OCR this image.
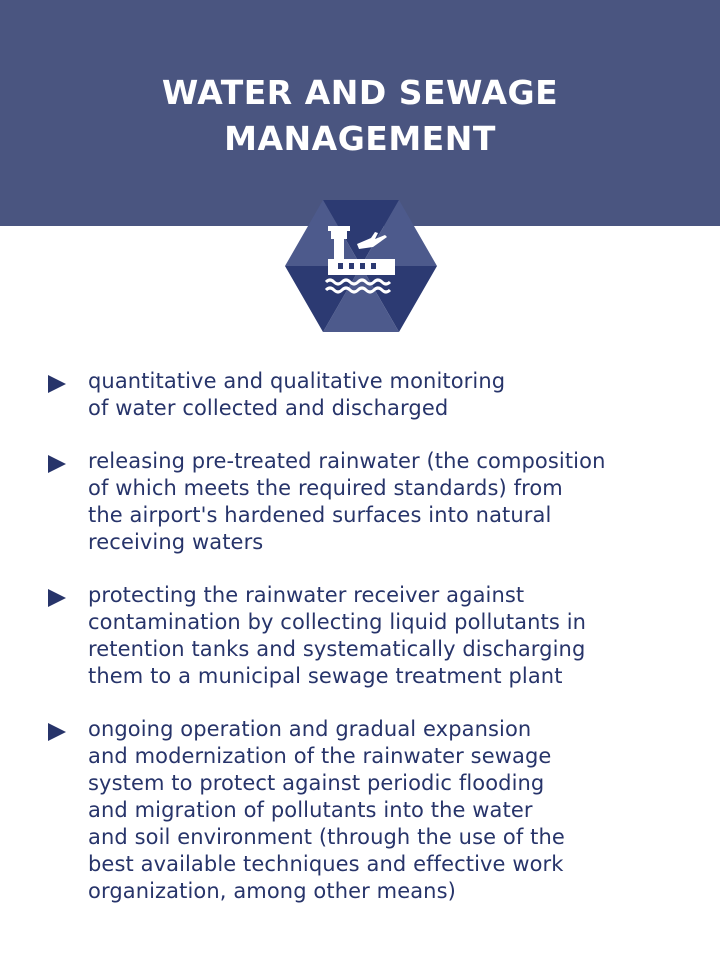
WATER AND SEWAGE
MANAGEMENT
quantitative and qualitative monitoring
of water collected and discharged
releasing pre-treated rainwater (the composition
of which meets the required standards) from
the airport's hardened surfaces into natural
receiving waters
protecting the rainwater receiver against
contamination by collecting liquid pollutants in
retention tanks and systematically discharging
them to a municipal sewage treatment plant
ongoing operation and gradual expansion
and modernization of the rainwater sewage
system to protect against periodic flooding
and migration of pollutants into the water
and soil environment (through the use of the
best available techniques and effective work
organization, among other means)
